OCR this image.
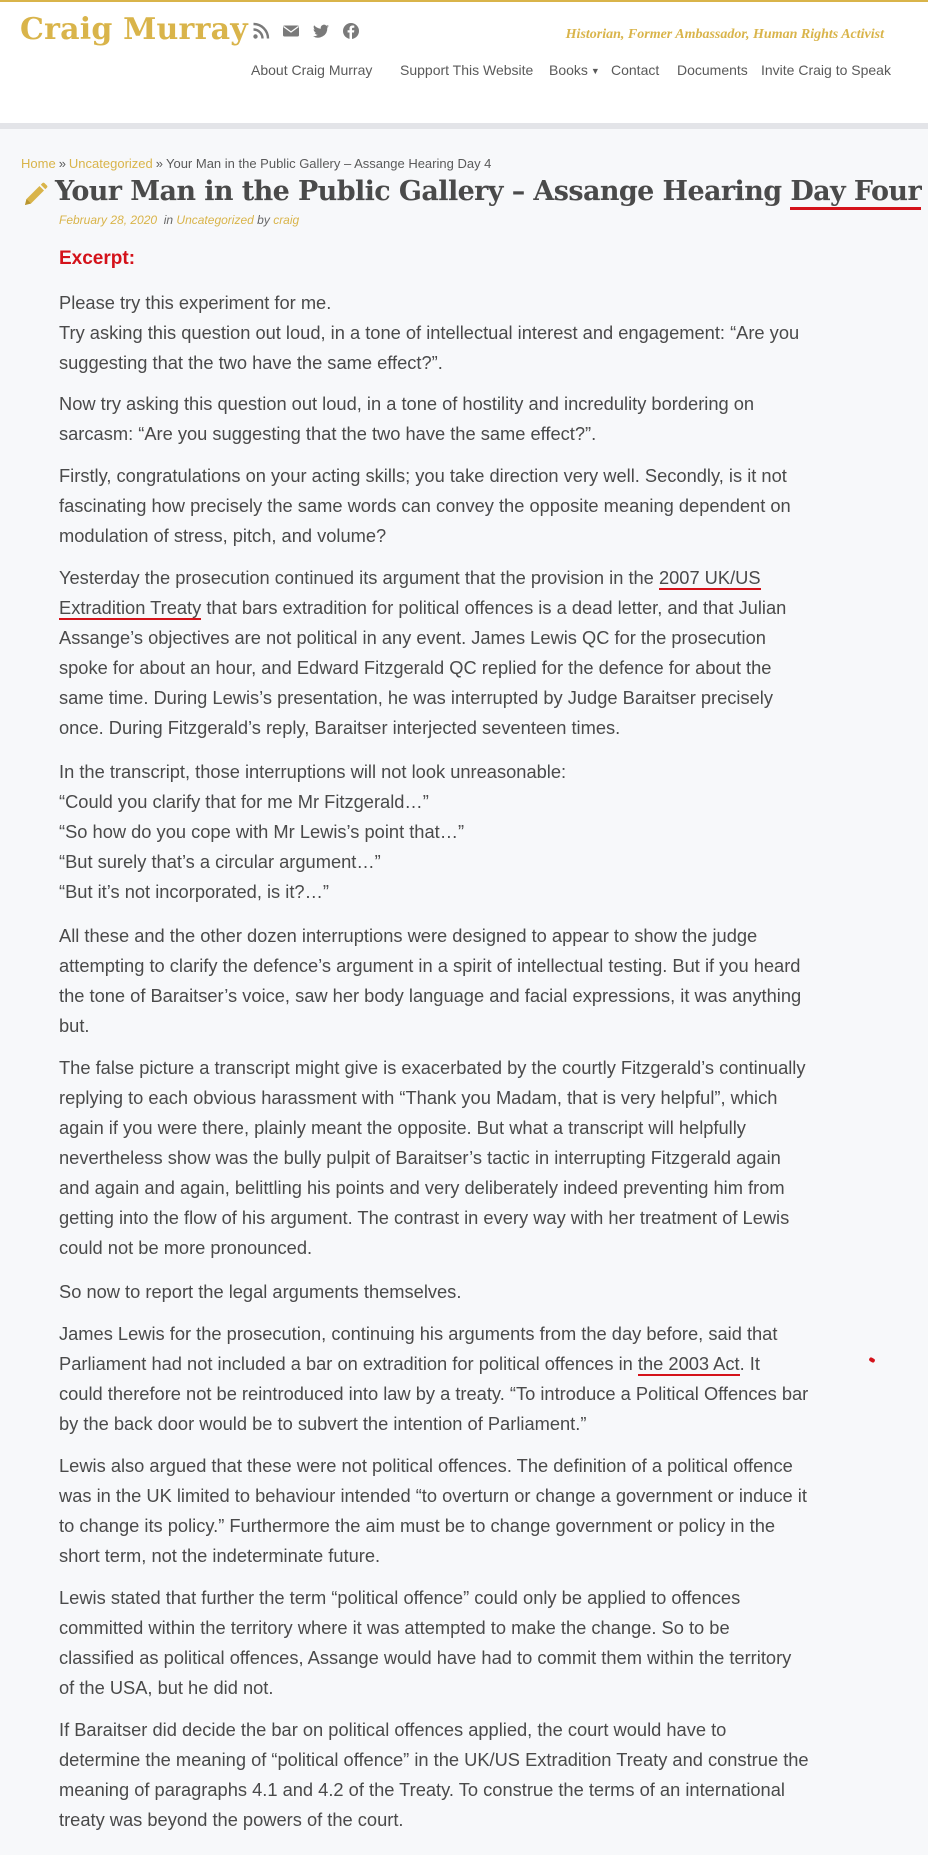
Craig Murray	Historian, Former Ambassador, Human Rights Activist
About Craig Murray Support This Website Books ▼ Contact Documents Invite Craig to Speak
Home » Uncategorized » Your Man in the Public Gallery – Assange Hearing Day 4
Your Man in the Public Gallery – Assange Hearing Day Four
February 28, 2020 in Uncategorized by craig
Excerpt:

Please try this experiment for me.
Try asking this question out loud, in a tone of intellectual interest and engagement: “Are you
suggesting that the two have the same effect?”.

Now try asking this question out loud, in a tone of hostility and incredulity bordering on
sarcasm: “Are you suggesting that the two have the same effect?”.

Firstly, congratulations on your acting skills; you take direction very well. Secondly, is it not
fascinating how precisely the same words can convey the opposite meaning dependent on
modulation of stress, pitch, and volume?

Yesterday the prosecution continued its argument that the provision in the 2007 UK/US
Extradition Treaty that bars extradition for political offences is a dead letter, and that Julian
Assange’s objectives are not political in any event. James Lewis QC for the prosecution
spoke for about an hour, and Edward Fitzgerald QC replied for the defence for about the
same time. During Lewis’s presentation, he was interrupted by Judge Baraitser precisely
once. During Fitzgerald’s reply, Baraitser interjected seventeen times.

In the transcript, those interruptions will not look unreasonable:
“Could you clarify that for me Mr Fitzgerald…”
“So how do you cope with Mr Lewis’s point that…”
“But surely that’s a circular argument…”
“But it’s not incorporated, is it?…”

All these and the other dozen interruptions were designed to appear to show the judge
attempting to clarify the defence’s argument in a spirit of intellectual testing. But if you heard
the tone of Baraitser’s voice, saw her body language and facial expressions, it was anything
but.

The false picture a transcript might give is exacerbated by the courtly Fitzgerald’s continually
replying to each obvious harassment with “Thank you Madam, that is very helpful”, which
again if you were there, plainly meant the opposite. But what a transcript will helpfully
nevertheless show was the bully pulpit of Baraitser’s tactic in interrupting Fitzgerald again
and again and again, belittling his points and very deliberately indeed preventing him from
getting into the flow of his argument. The contrast in every way with her treatment of Lewis
could not be more pronounced.

So now to report the legal arguments themselves.

James Lewis for the prosecution, continuing his arguments from the day before, said that
Parliament had not included a bar on extradition for political offences in the 2003 Act. It
could therefore not be reintroduced into law by a treaty. “To introduce a Political Offences bar
by the back door would be to subvert the intention of Parliament.”

Lewis also argued that these were not political offences. The definition of a political offence
was in the UK limited to behaviour intended “to overturn or change a government or induce it
to change its policy.” Furthermore the aim must be to change government or policy in the
short term, not the indeterminate future.

Lewis stated that further the term “political offence” could only be applied to offences
committed within the territory where it was attempted to make the change. So to be
classified as political offences, Assange would have had to commit them within the territory
of the USA, but he did not.

If Baraitser did decide the bar on political offences applied, the court would have to
determine the meaning of “political offence” in the UK/US Extradition Treaty and construe the
meaning of paragraphs 4.1 and 4.2 of the Treaty. To construe the terms of an international
treaty was beyond the powers of the court.
